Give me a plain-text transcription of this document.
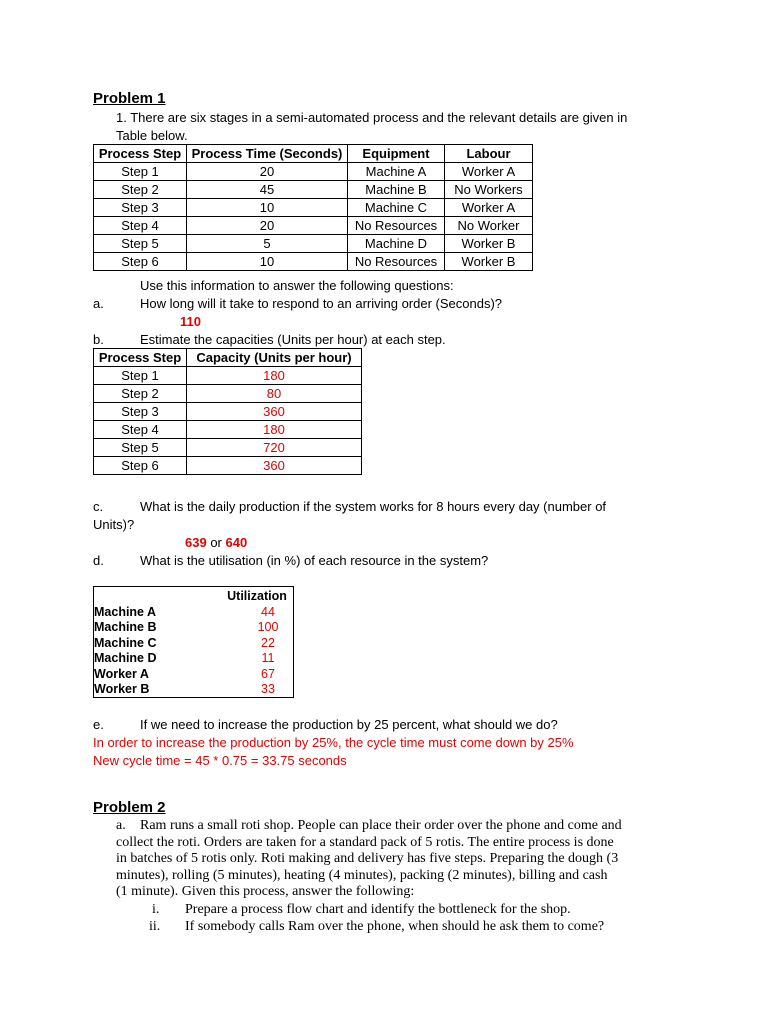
Problem 1
1. There are six stages in a semi-automated process and the relevant details are given in
Table below.
Process Step	Process Time (Seconds)	Equipment	Labour
Step 1	20	Machine A	Worker A
Step 2	45	Machine B	No Workers
Step 3	10	Machine C	Worker A
Step 4	20	No Resources	No Worker
Step 5	5	Machine D	Worker B
Step 6	10	No Resources	Worker B
Use this information to answer the following questions:
a.	How long will it take to respond to an arriving order (Seconds)?
110
b.	Estimate the capacities (Units per hour) at each step.
Process Step	Capacity (Units per hour)
Step 1	180
Step 2	80
Step 3	360
Step 4	180
Step 5	720
Step 6	360
c.	What is the daily production if the system works for 8 hours every day (number of
Units)?
639 or 640
d.	What is the utilisation (in %) of each resource in the system?
Utilization
Machine A	44
Machine B	100
Machine C	22
Machine D	11
Worker A	67
Worker B	33
e.	If we need to increase the production by 25 percent, what should we do?
In order to increase the production by 25%, the cycle time must come down by 25%
New cycle time = 45 * 0.75 = 33.75 seconds
Problem 2
a. Ram runs a small roti shop. People can place their order over the phone and come and
collect the roti. Orders are taken for a standard pack of 5 rotis. The entire process is done
in batches of 5 rotis only. Roti making and delivery has five steps. Preparing the dough (3
minutes), rolling (5 minutes), heating (4 minutes), packing (2 minutes), billing and cash
(1 minute). Given this process, answer the following:
i. Prepare a process flow chart and identify the bottleneck for the shop.
ii. If somebody calls Ram over the phone, when should he ask them to come?
